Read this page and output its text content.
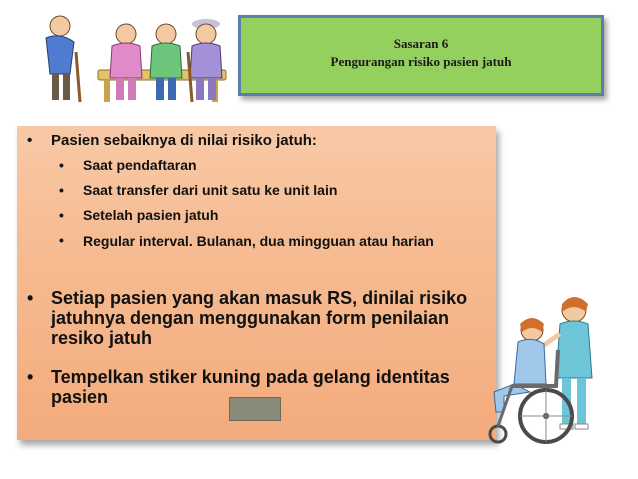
Sasaran 6
Pengurangan risiko pasien jatuh
• Pasien sebaiknya di nilai risiko jatuh:
• Saat pendaftaran
• Saat transfer dari unit satu ke unit lain
• Setelah pasien jatuh
• Regular interval. Bulanan, dua mingguan atau harian
• Setiap pasien yang akan masuk RS, dinilai risiko jatuhnya dengan menggunakan form penilaian resiko jatuh
• Tempelkan stiker kuning pada gelang identitas pasien
